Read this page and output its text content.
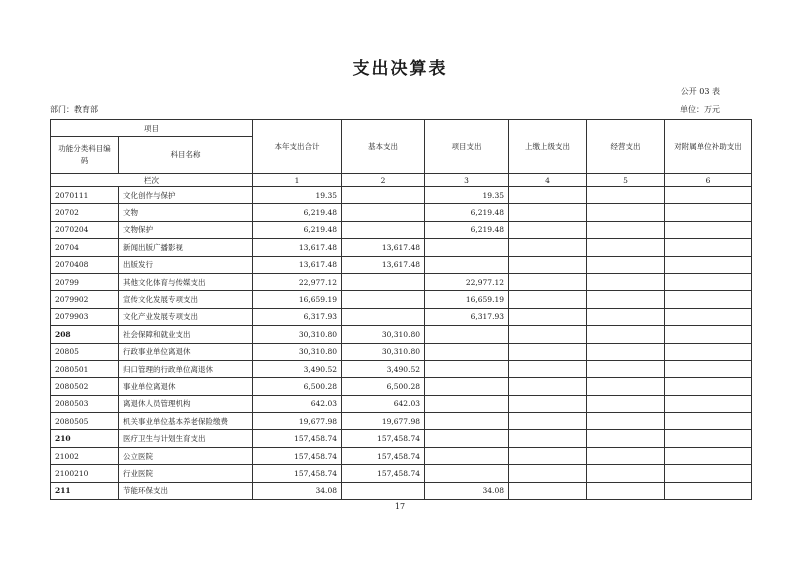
支出决算表
公开 03 表
部门：教育部	单位：万元
项目		本年支出合计	基本支出	项目支出	上缴上级支出	经营支出	对附属单位补助支出
功能分类科目编码	科目名称						
栏次		1	2	3	4	5	6
2070111	文化创作与保护	19.35		19.35			
20702	文物	6,219.48		6,219.48			
2070204	文物保护	6,219.48		6,219.48			
20704	新闻出版广播影视	13,617.48	13,617.48				
2070408	出版发行	13,617.48	13,617.48				
20799	其他文化体育与传媒支出	22,977.12		22,977.12			
2079902	宣传文化发展专项支出	16,659.19		16,659.19			
2079903	文化产业发展专项支出	6,317.93		6,317.93			
208	社会保障和就业支出	30,310.80	30,310.80				
20805	行政事业单位离退休	30,310.80	30,310.80				
2080501	归口管理的行政单位离退休	3,490.52	3,490.52				
2080502	事业单位离退休	6,500.28	6,500.28				
2080503	离退休人员管理机构	642.03	642.03				
2080505	机关事业单位基本养老保险缴费	19,677.98	19,677.98				
210	医疗卫生与计划生育支出	157,458.74	157,458.74				
21002	公立医院	157,458.74	157,458.74				
2100210	行业医院	157,458.74	157,458.74				
211	节能环保支出	34.08		34.08			
17
